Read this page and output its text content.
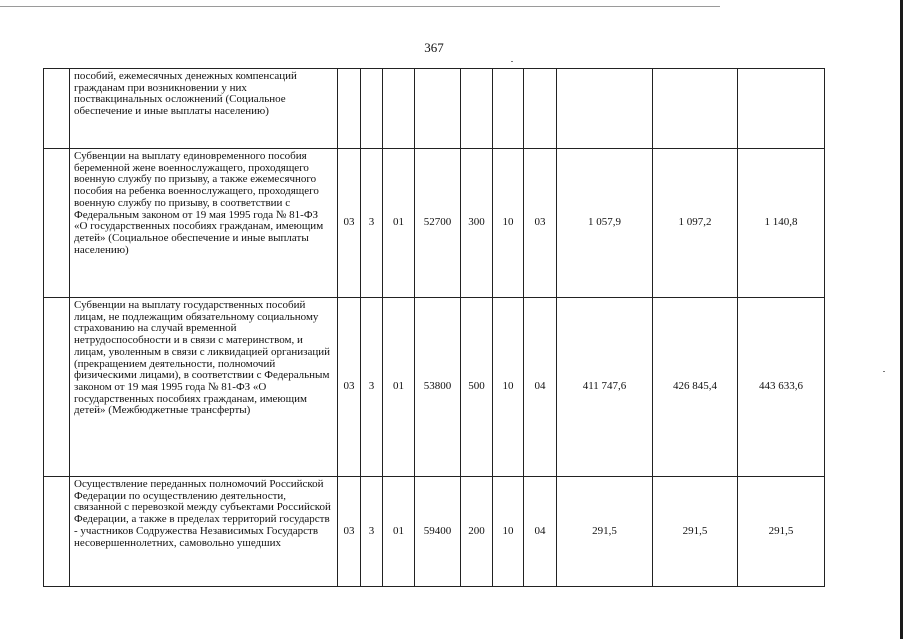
367
	пособий, ежемесячных денежных компенсаций гражданам при возникновении у них поствакцинальных осложнений (Социальное обеспечение и иные выплаты населению)										
	Субвенции на выплату единовременного пособия беременной жене военнослужащего, проходящего военную службу по призыву, а также ежемесячного пособия на ребенка военнослужащего, проходящего военную службу по призыву, в соответствии с Федеральным законом от 19 мая 1995 года № 81-ФЗ «О государственных пособиях гражданам, имеющим детей» (Социальное обеспечение и иные выплаты населению)	03	3	01	52700	300	10	03	1 057,9	1 097,2	1 140,8
	Субвенции на выплату государственных пособий лицам, не подлежащим обязательному социальному страхованию на случай временной нетрудоспособности и в связи с материнством, и лицам, уволенным в связи с ликвидацией организаций (прекращением деятельности, полномочий физическими лицами), в соответствии с Федеральным законом от 19 мая 1995 года № 81-ФЗ «О государственных пособиях гражданам, имеющим детей» (Межбюджетные трансферты)	03	3	01	53800	500	10	04	411 747,6	426 845,4	443 633,6
	Осуществление переданных полномочий Российской Федерации по осуществлению деятельности, связанной с перевозкой между субъектами Российской Федерации, а также в пределах территорий государств - участников Содружества Независимых Государств несовершеннолетних, самовольно ушедших	03	3	01	59400	200	10	04	291,5	291,5	291,5
